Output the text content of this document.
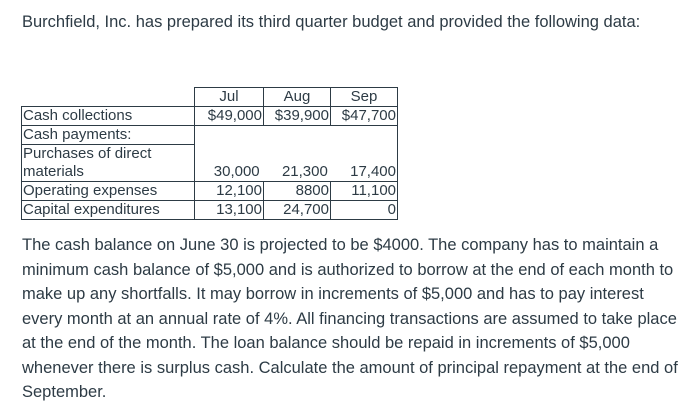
Burchfield, Inc. has prepared its third quarter budget and provided the following data:

	Jul	Aug	Sep
Cash collections	$49,000	$39,900	$47,700
Cash payments:			
Purchases of direct materials	30,000 21,300 17,400		
Operating expenses	12,100	8800	11,100
Capital expenditures	13,100	24,700	0

The cash balance on June 30 is projected to be $4000. The company has to maintain a minimum cash balance of $5,000 and is authorized to borrow at the end of each month to make up any shortfalls. It may borrow in increments of $5,000 and has to pay interest every month at an annual rate of 4%. All financing transactions are assumed to take place at the end of the month. The loan balance should be repaid in increments of $5,000 whenever there is surplus cash. Calculate the amount of principal repayment at the end of September.
